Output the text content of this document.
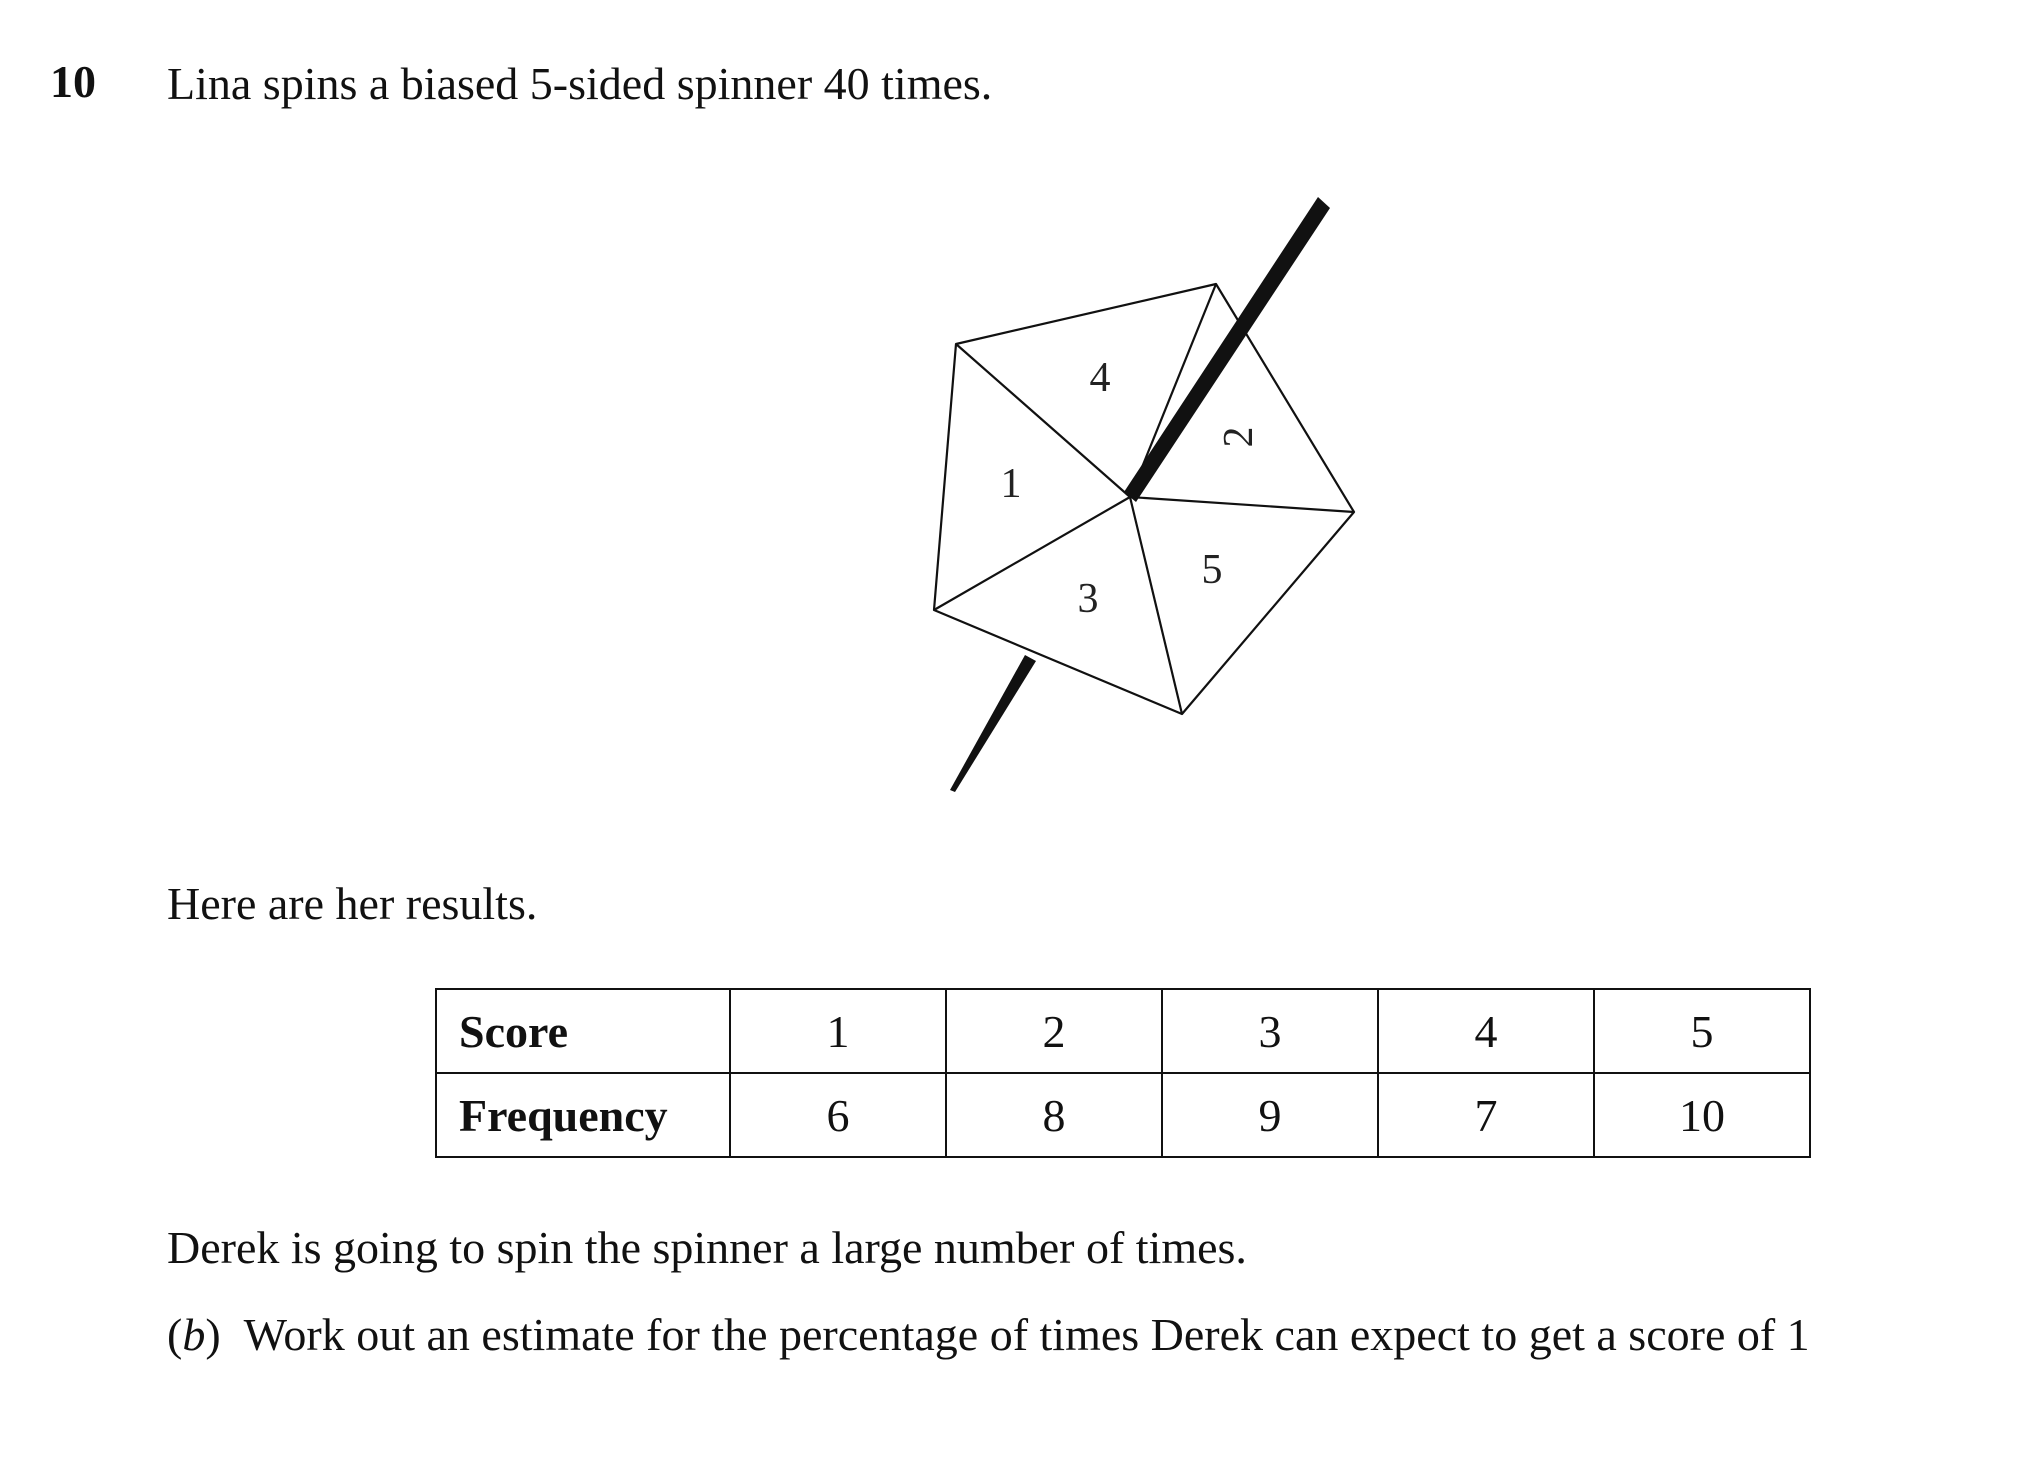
10 Lina spins a biased 5-sided spinner 40 times.
4
2
1
5
3
Here are her results.
Score	1	2	3	4	5
Frequency	6	8	9	7	10
Derek is going to spin the spinner a large number of times.
(b)  Work out an estimate for the percentage of times Derek can expect to get a score of 1
